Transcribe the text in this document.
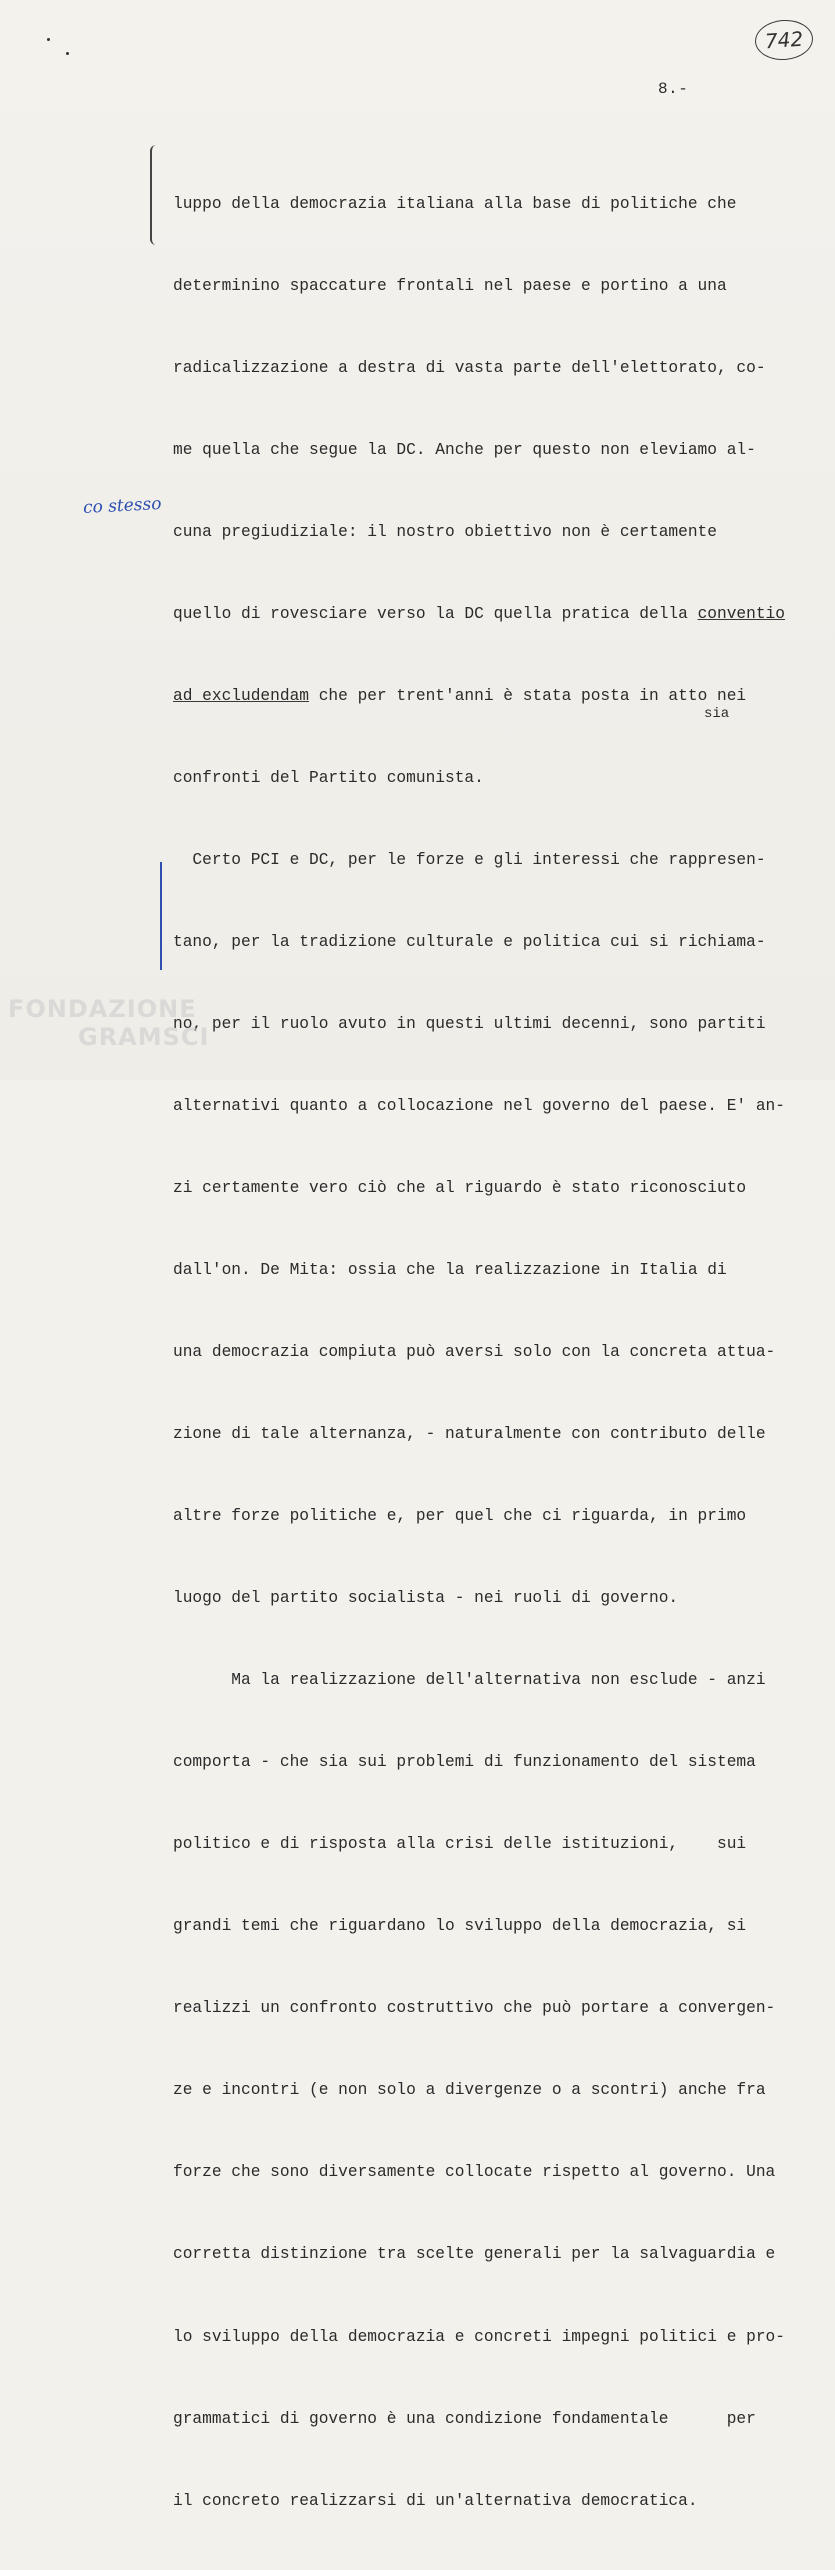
742
8.-
co stesso
sia

luppo della democrazia italiana alla base di politiche che

determinino spaccature frontali nel paese e portino a una

radicalizzazione a destra di vasta parte dell'elettorato, co-

me quella che segue la DC. Anche per questo non eleviamo al-

cuna pregiudiziale: il nostro obiettivo non è certamente

quello di rovesciare verso la DC quella pratica della conventio

ad excludendam che per trent'anni è stata posta in atto nei

confronti del Partito comunista.

Certo PCI e DC, per le forze e gli interessi che rappresen-

tano, per la tradizione culturale e politica cui si richiama-

no, per il ruolo avuto in questi ultimi decenni, sono partiti

alternativi quanto a collocazione nel governo del paese. E' an-

zi certamente vero ciò che al riguardo è stato riconosciuto

dall'on. De Mita: ossia che la realizzazione in Italia di

una democrazia compiuta può aversi solo con la concreta attua-

zione di tale alternanza, - naturalmente con contributo delle

altre forze politiche e, per quel che ci riguarda, in primo

luogo del partito socialista - nei ruoli di governo.

Ma la realizzazione dell'alternativa non esclude - anzi

comporta - che sia sui problemi di funzionamento del sistema

politico e di risposta alla crisi delle istituzioni,    sui

grandi temi che riguardano lo sviluppo della democrazia, si

realizzi un confronto costruttivo che può portare a convergen-

ze e incontri (e non solo a divergenze o a scontri) anche fra

forze che sono diversamente collocate rispetto al governo. Una

corretta distinzione tra scelte generali per la salvaguardia e

lo sviluppo della democrazia e concreti impegni politici e pro-

grammatici di governo è una condizione fondamentale      per

il concreto realizzarsi di un'alternativa democratica.

FONDAZIONE
GRAMSCI
